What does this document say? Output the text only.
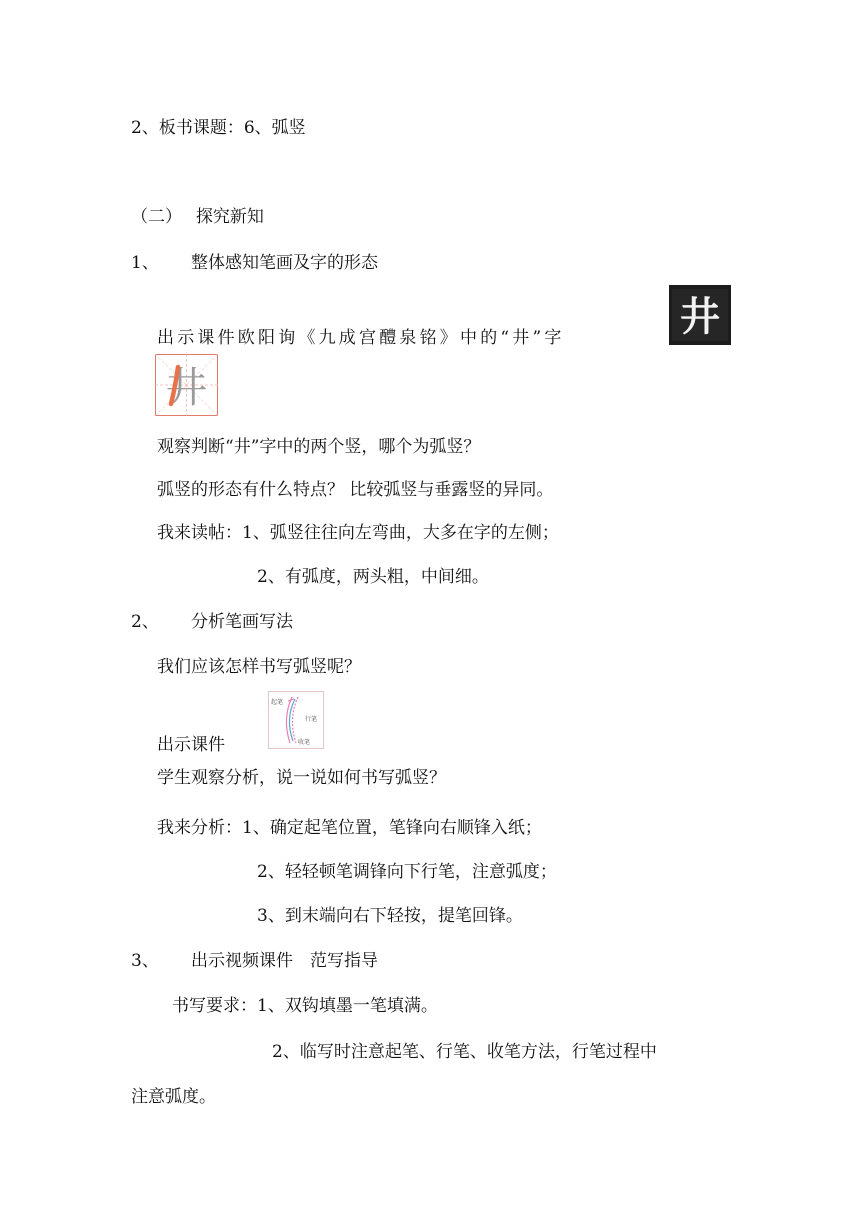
2、板书课题：6、弧竖
（二）　 探究新知
1、 整体感知笔画及字的形态
出示课件欧阳询《九成宫醴泉铭》中的“井”字	井
井
观察判断“井”字中的两个竖，哪个为弧竖？
弧竖的形态有什么特点？ 比较弧竖与垂露竖的异同。
我来读帖：1、弧竖往往向左弯曲，大多在字的左侧；
2、有弧度，两头粗，中间细。
2、 分析笔画写法
我们应该怎样书写弧竖呢？
起笔
行笔
收笔
出示课件
学生观察分析，说一说如何书写弧竖？
我来分析：1、确定起笔位置，笔锋向右顺锋入纸；
2、轻轻顿笔调锋向下行笔，注意弧度；
3、到末端向右下轻按，提笔回锋。
3、 出示视频课件　范写指导
书写要求：1、双钩填墨一笔填满。
2、临写时注意起笔、行笔、收笔方法，行笔过程中
注意弧度。
